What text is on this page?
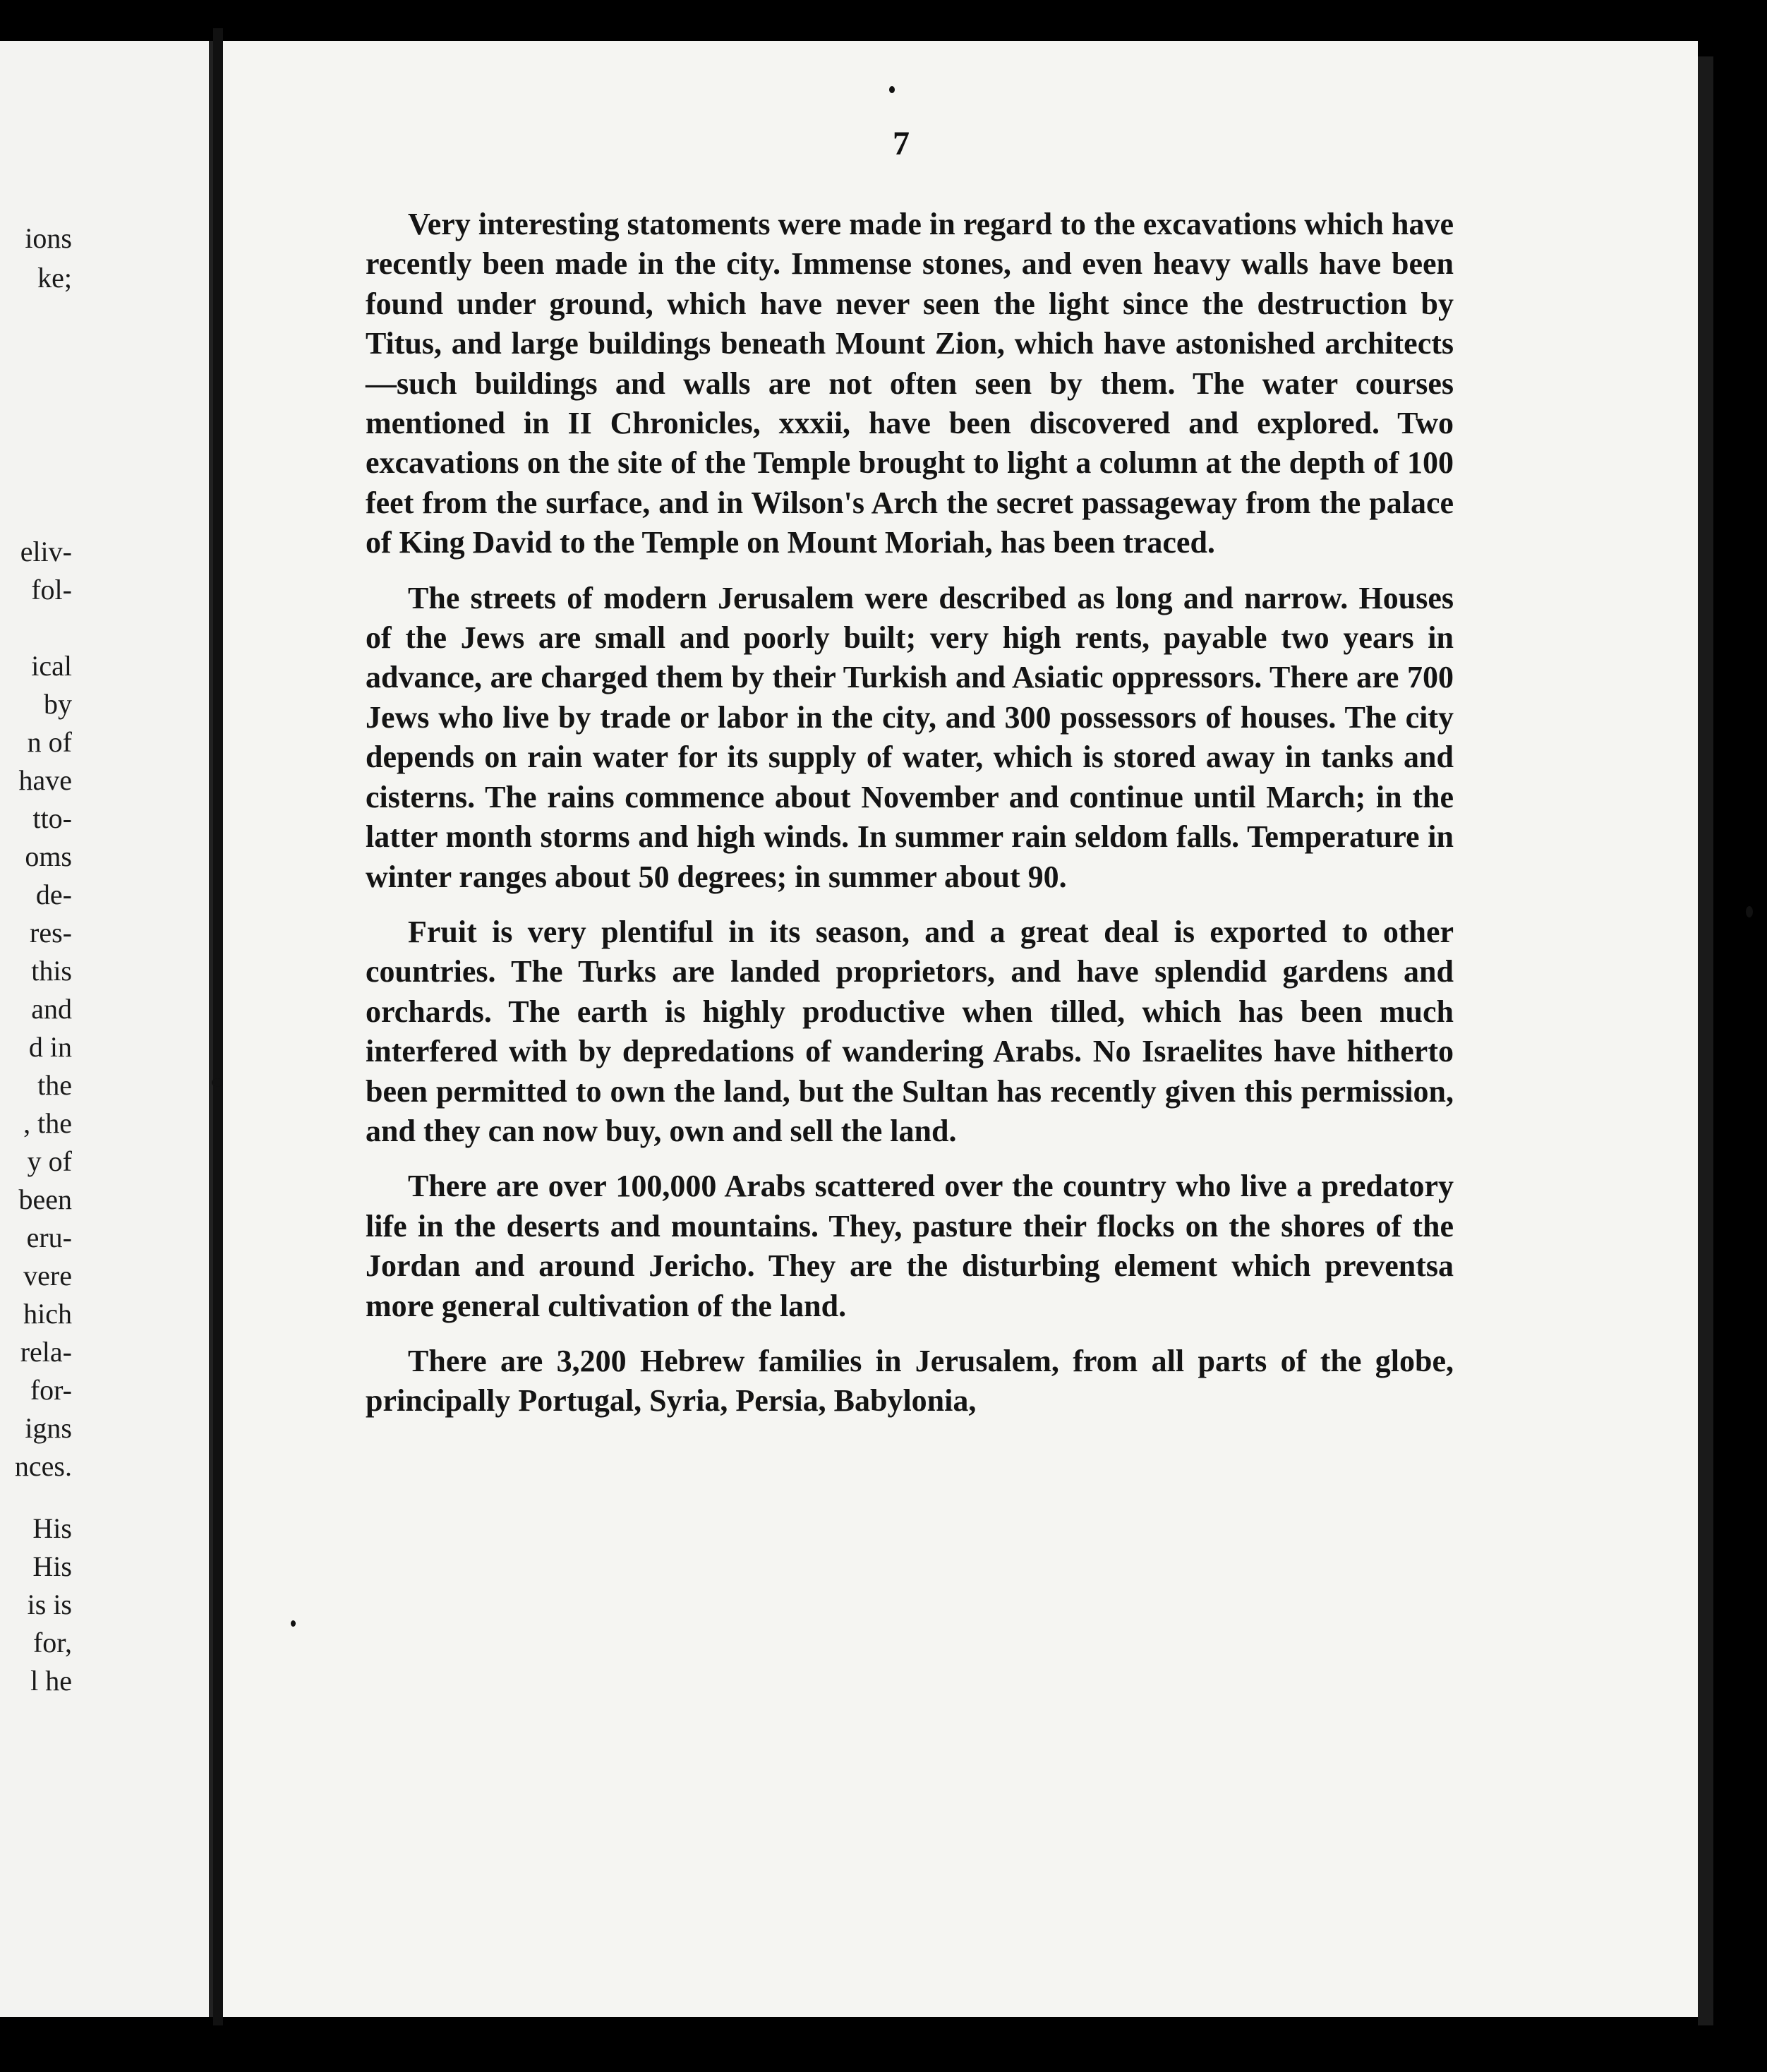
ions
ke;
eliv-
fol-
ical
by
n of
have
tto-
oms
de-
res-
this
and
d in
the
, the
y of
been
eru-
vere
hich
rela-
for-
igns
nces.
His
His
is is
for,
l he
7

Very interesting statoments were made in regard to the excavations which have recently been made in the city. Immense stones, and even heavy walls have been found under ground, which have never seen the light since the destruction by Titus, and large buildings beneath Mount Zion, which have astonished architects—such buildings and walls are not often seen by them. The water courses mentioned in II Chronicles, xxxii, have been discovered and explored. Two excavations on the site of the Temple brought to light a column at the depth of 100 feet from the surface, and in Wilson's Arch the secret passageway from the palace of King David to the Temple on Mount Moriah, has been traced.

The streets of modern Jerusalem were described as long and narrow. Houses of the Jews are small and poorly built; very high rents, payable two years in advance, are charged them by their Turkish and Asiatic oppressors. There are 700 Jews who live by trade or labor in the city, and 300 possessors of houses. The city depends on rain water for its supply of water, which is stored away in tanks and cisterns. The rains commence about November and continue until March; in the latter month storms and high winds. In summer rain seldom falls. Temperature in winter ranges about 50 degrees; in summer about 90.

Fruit is very plentiful in its season, and a great deal is exported to other countries. The Turks are landed proprietors, and have splendid gardens and orchards. The earth is highly productive when tilled, which has been much interfered with by depredations of wandering Arabs. No Israelites have hitherto been permitted to own the land, but the Sultan has recently given this permission, and they can now buy, own and sell the land.

There are over 100,000 Arabs scattered over the country who live a predatory life in the deserts and mountains. They, pasture their flocks on the shores of the Jordan and around Jericho. They are the disturbing element which preventsa more general cultivation of the land.

There are 3,200 Hebrew families in Jerusalem, from all parts of the globe, principally Portugal, Syria, Persia, Babylonia,
